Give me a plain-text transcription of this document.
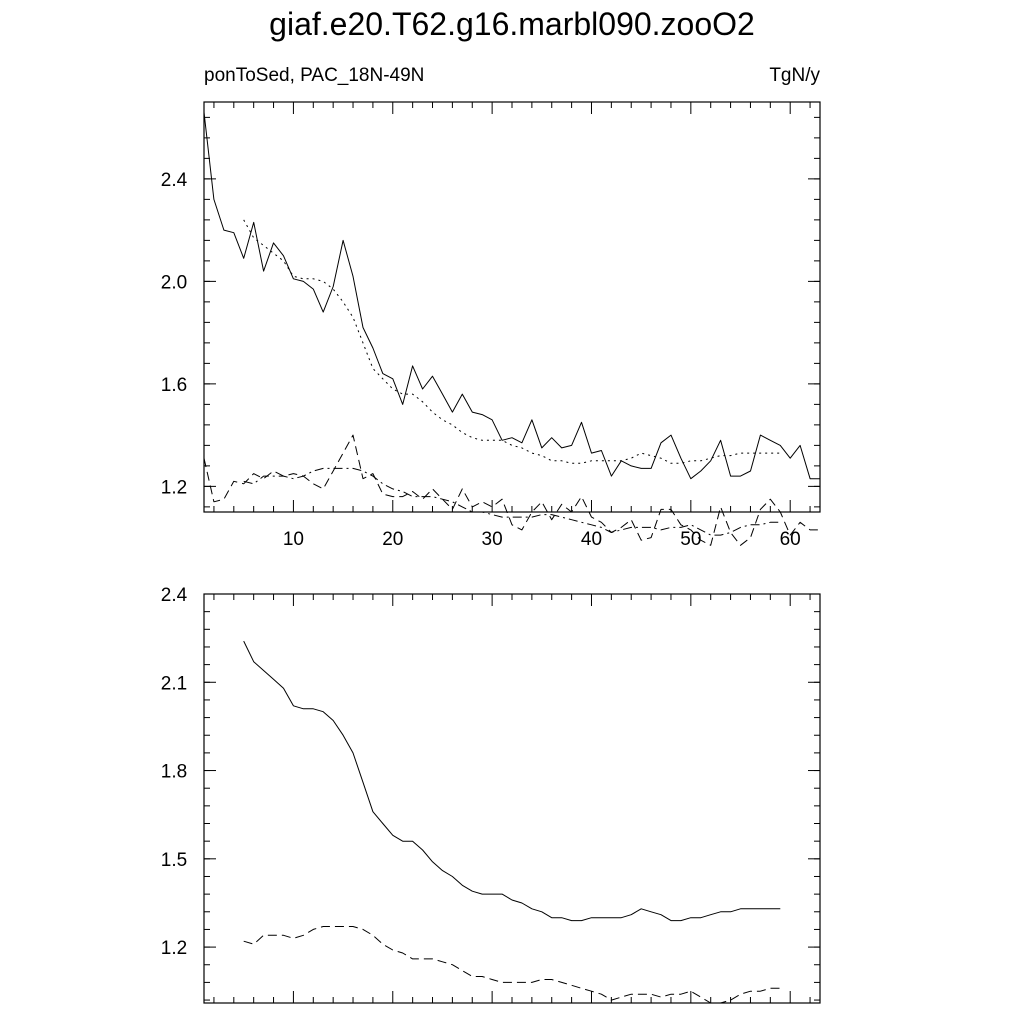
giaf.e20.T62.g16.marbl090.zooO2
ponToSed, PAC_18N-49N	TgN/y
10	20	30	40	50	60
1.2
1.6
2.0
2.4
1.2
1.5
1.8
2.1
2.4
